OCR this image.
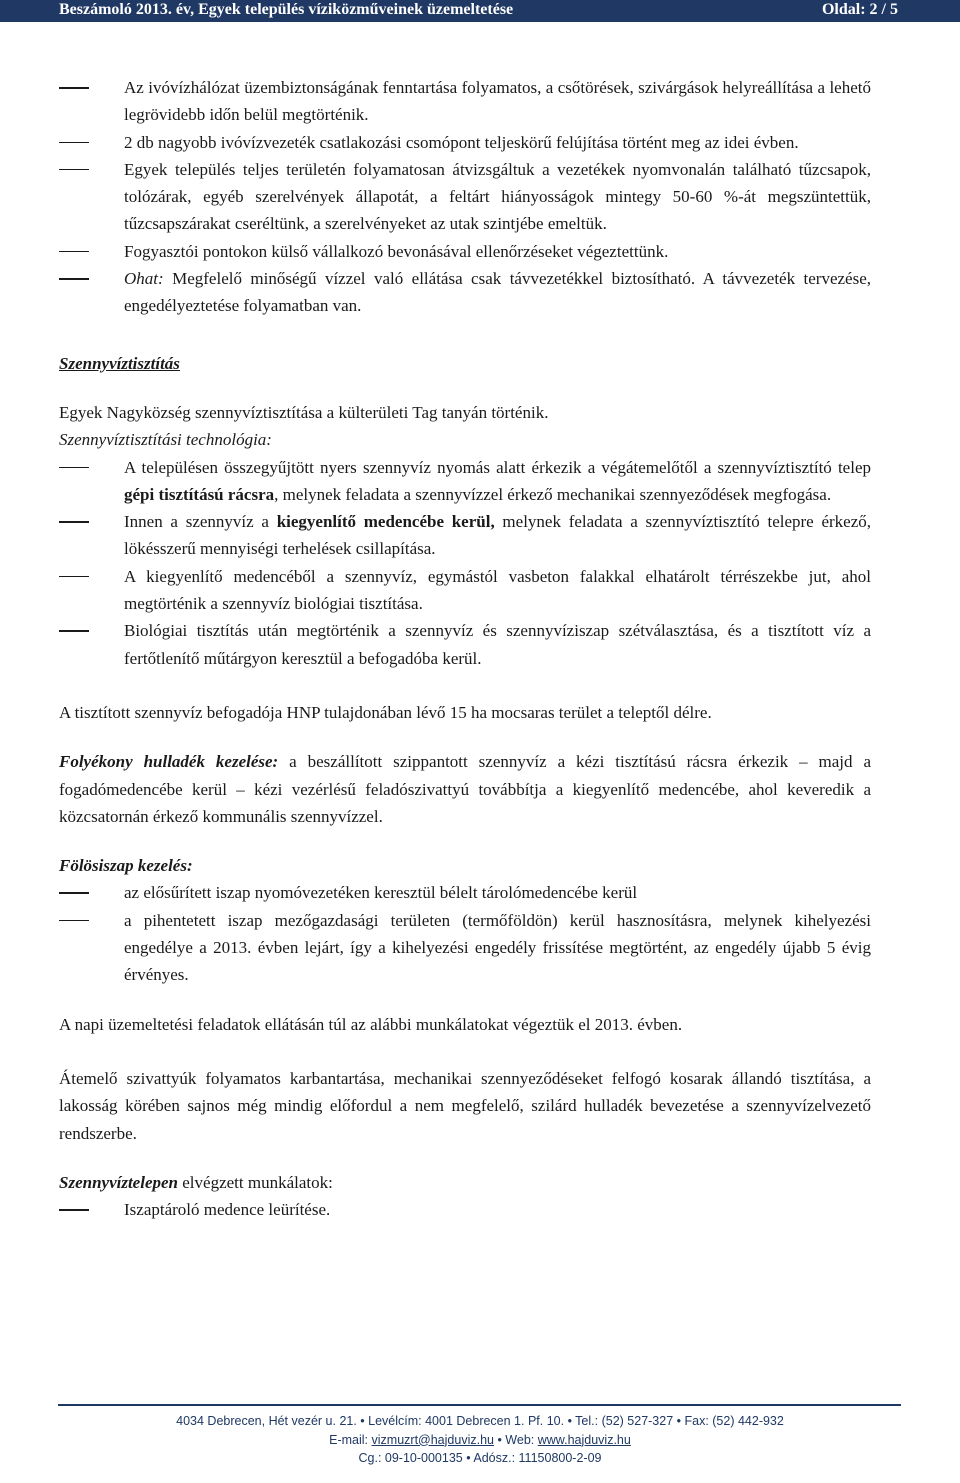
Beszámoló 2013. év, Egyek település víziközműveinek üzemeltetése	Oldal: 2 / 5
Az ivóvízhálózat üzembiztonságának fenntartása folyamatos, a csőtörések, szivárgások helyreállítása a lehető legrövidebb időn belül megtörténik.
2 db nagyobb ivóvízvezeték csatlakozási csomópont teljeskörű felújítása történt meg az idei évben.
Egyek település teljes területén folyamatosan átvizsgáltuk a vezetékek nyomvonalán található tűzcsapok, tolózárak, egyéb szerelvények állapotát, a feltárt hiányosságok mintegy 50-60 %-át megszüntettük, tűzcsapszárakat cseréltünk, a szerelvényeket az utak szintjébe emeltük.
Fogyasztói pontokon külső vállalkozó bevonásával ellenőrzéseket végeztettünk.
Ohat: Megfelelő minőségű vízzel való ellátása csak távvezetékkel biztosítható. A távvezeték tervezése, engedélyeztetése folyamatban van.

Szennyvíztisztítás

Egyek Nagyközség szennyvíztisztítása a külterületi Tag tanyán történik.

Szennyvíztisztítási technológia:

A településen összegyűjtött nyers szennyvíz nyomás alatt érkezik a végátemelőtől a szennyvíztisztító telep gépi tisztítású rácsra, melynek feladata a szennyvízzel érkező mechanikai szennyeződések megfogása.
Innen a szennyvíz a kiegyenlítő medencébe kerül, melynek feladata a szennyvíztisztító telepre érkező, lökésszerű mennyiségi terhelések csillapítása.
A kiegyenlítő medencéből a szennyvíz, egymástól vasbeton falakkal elhatárolt térrészekbe jut, ahol megtörténik a szennyvíz biológiai tisztítása.
Biológiai tisztítás után megtörténik a szennyvíz és szennyvíziszap szétválasztása, és a tisztított víz a fertőtlenítő műtárgyon keresztül a befogadóba kerül.

A tisztított szennyvíz befogadója HNP tulajdonában lévő 15 ha mocsaras terület a teleptől délre.

Folyékony hulladék kezelése: a beszállított szippantott szennyvíz a kézi tisztítású rácsra érkezik – majd a fogadómedencébe kerül – kézi vezérlésű feladószivattyú továbbítja a kiegyenlítő medencébe, ahol keveredik a közcsatornán érkező kommunális szennyvízzel.

Fölösiszap kezelés:

az elősűrített iszap nyomóvezetéken keresztül bélelt tárolómedencébe kerül
a pihentetett iszap mezőgazdasági területen (termőföldön) kerül hasznosításra, melynek kihelyezési engedélye a 2013. évben lejárt, így a kihelyezési engedély frissítése megtörtént, az engedély újabb 5 évig érvényes.

A napi üzemeltetési feladatok ellátásán túl az alábbi munkálatokat végeztük el 2013. évben.

Átemelő szivattyúk folyamatos karbantartása, mechanikai szennyeződéseket felfogó kosarak állandó tisztítása, a lakosság körében sajnos még mindig előfordul a nem megfelelő, szilárd hulladék bevezetése a szennyvízelvezető rendszerbe.

Szennyvíztelepen elvégzett munkálatok:

Iszaptároló medence leürítése.
4034 Debrecen, Hét vezér u. 21. • Levélcím: 4001 Debrecen 1. Pf. 10. • Tel.: (52) 527-327 • Fax: (52) 442-932
E-mail: vizmuzrt@hajduviz.hu • Web: www.hajduviz.hu
Cg.: 09-10-000135 • Adósz.: 11150800-2-09
